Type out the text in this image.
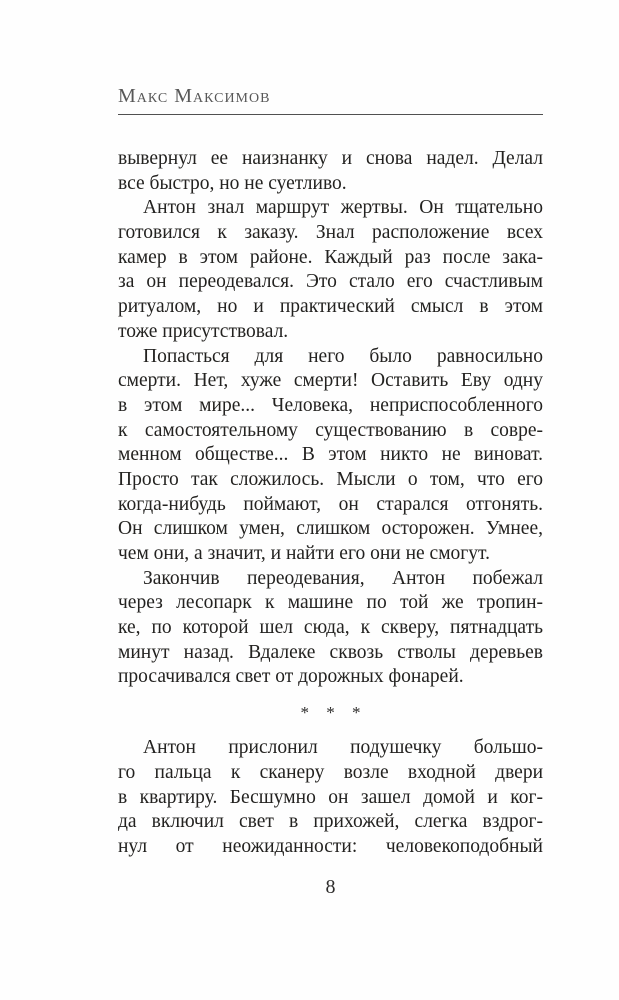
Макс Максимов
вывернул ее наизнанку и снова надел. Делал
все быстро, но не суетливо.
Антон знал маршрут жертвы. Он тщательно
готовился к заказу. Знал расположение всех
камер в этом районе. Каждый раз после зака-
за он переодевался. Это стало его счастливым
ритуалом, но и практический смысл в этом
тоже присутствовал.
Попасться для него было равносильно
смерти. Нет, хуже смерти! Оставить Еву одну
в этом мире... Человека, неприспособленного
к самостоятельному существованию в совре-
менном обществе... В этом никто не виноват.
Просто так сложилось. Мысли о том, что его
когда-нибудь поймают, он старался отгонять.
Он слишком умен, слишком осторожен. Умнее,
чем они, а значит, и найти его они не смогут.
Закончив переодевания, Антон побежал
через лесопарк к машине по той же тропин-
ке, по которой шел сюда, к скверу, пятнадцать
минут назад. Вдалеке сквозь стволы деревьев
просачивался свет от дорожных фонарей.
* * *
Антон прислонил подушечку большо-
го пальца к сканеру возле входной двери
в квартиру. Бесшумно он зашел домой и ког-
да включил свет в прихожей, слегка вздрог-
нул от неожиданности: человекоподобный
8
